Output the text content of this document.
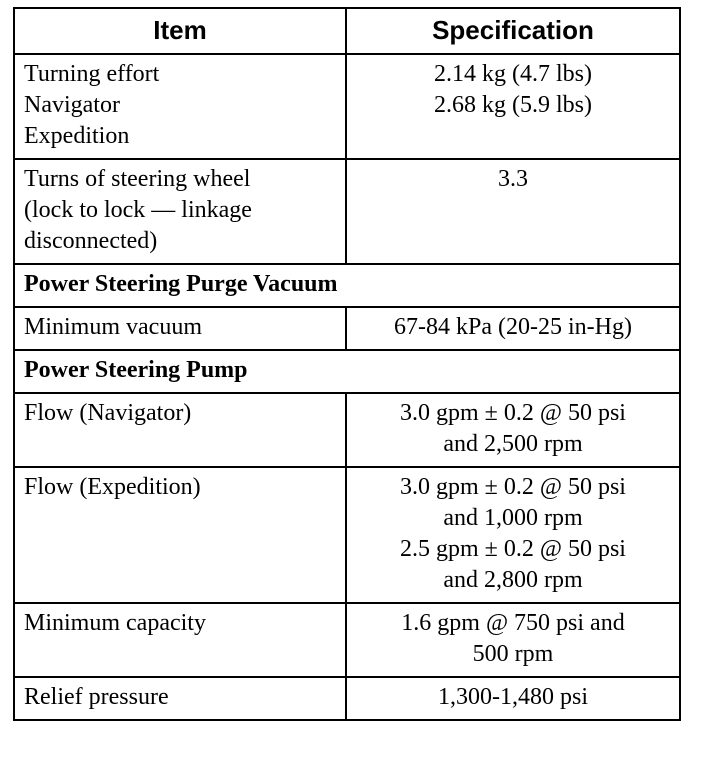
Item	Specification

Turning effort
Navigator
Expedition	2.14 kg (4.7 lbs)
2.68 kg (5.9 lbs)

Turns of steering wheel
(lock to lock — linkage
disconnected)	3.3

Power Steering Purge Vacuum	

Minimum vacuum	67-84 kPa (20-25 in-Hg)

Power Steering Pump	

Flow (Navigator)	3.0 gpm ± 0.2 @ 50 psi
and 2,500 rpm

Flow (Expedition)	3.0 gpm ± 0.2 @ 50 psi
and 1,000 rpm
2.5 gpm ± 0.2 @ 50 psi
and 2,800 rpm

Minimum capacity	1.6 gpm @ 750 psi and
500 rpm

Relief pressure	1,300-1,480 psi
